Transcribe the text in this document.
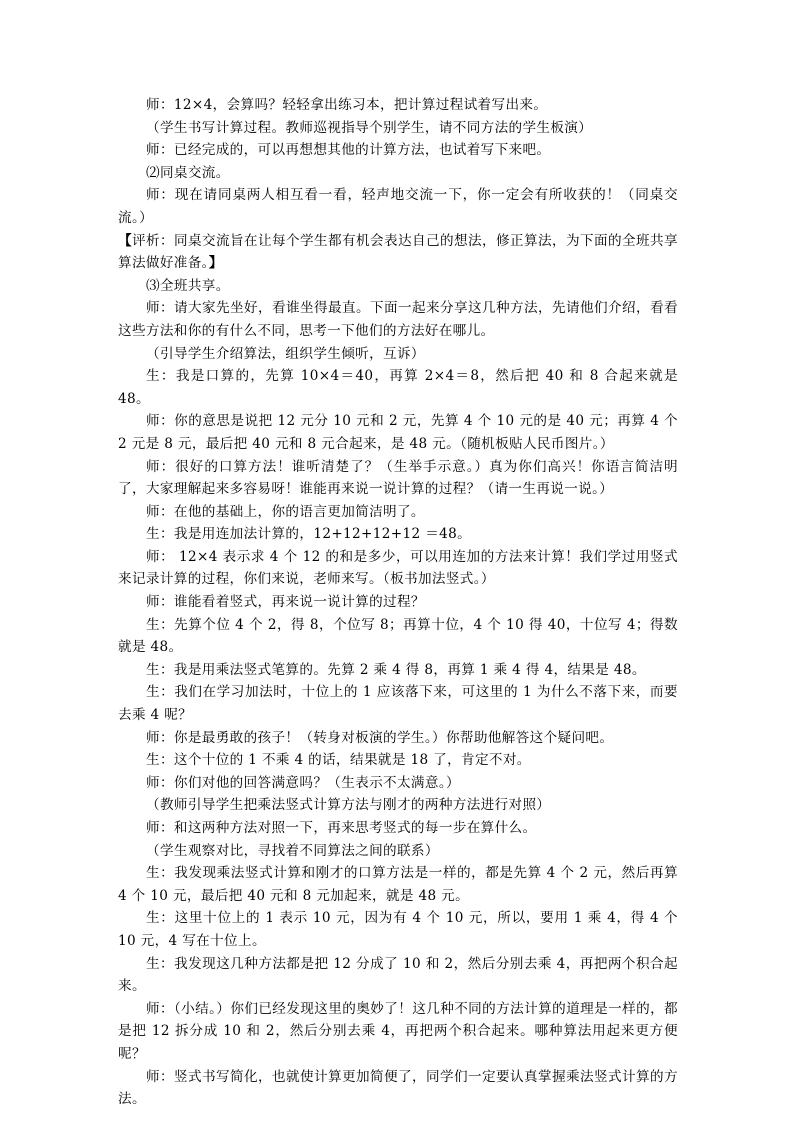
师：12×4，会算吗？轻轻拿出练习本，把计算过程试着写出来。

（学生书写计算过程。教师巡视指导个别学生，请不同方法的学生板演）

师：已经完成的，可以再想想其他的计算方法，也试着写下来吧。

⑵同桌交流。

师：现在请同桌两人相互看一看，轻声地交流一下，你一定会有所收获的！（同桌交流。）

【评析：同桌交流旨在让每个学生都有机会表达自己的想法，修正算法，为下面的全班共享算法做好准备。】

⑶全班共享。

师：请大家先坐好，看谁坐得最直。下面一起来分享这几种方法，先请他们介绍，看看这些方法和你的有什么不同，思考一下他们的方法好在哪儿。

（引导学生介绍算法，组织学生倾听，互诉）

生：我是口算的，先算 10×4＝40，再算 2×4＝8，然后把 40 和 8 合起来就是 48。

师：你的意思是说把 12 元分 10 元和 2 元，先算 4 个 10 元的是 40 元；再算 4 个 2 元是 8 元，最后把 40 元和 8 元合起来，是 48 元。（随机板贴人民币图片。）

师：很好的口算方法！谁听清楚了？（生举手示意。）真为你们高兴！你语言简洁明了，大家理解起来多容易呀！谁能再来说一说计算的过程？（请一生再说一说。）

师：在他的基础上，你的语言更加简洁明了。

生：我是用连加法计算的，12+12+12+12 ＝48。

师： 12×4 表示求 4 个 12 的和是多少，可以用连加的方法来计算！我们学过用竖式来记录计算的过程，你们来说，老师来写。（板书加法竖式。）

师：谁能看着竖式，再来说一说计算的过程？

生：先算个位 4 个 2，得 8，个位写 8；再算十位，4 个 10 得 40，十位写 4；得数就是 48。

生：我是用乘法竖式笔算的。先算 2 乘 4 得 8，再算 1 乘 4 得 4，结果是 48。

生：我们在学习加法时，十位上的 1 应该落下来，可这里的 1 为什么不落下来，而要去乘 4 呢？

师：你是最勇敢的孩子！（转身对板演的学生。）你帮助他解答这个疑问吧。

生：这个十位的 1 不乘 4 的话，结果就是 18 了，肯定不对。

师：你们对他的回答满意吗？（生表示不太满意。）

（教师引导学生把乘法竖式计算方法与刚才的两种方法进行对照）

师：和这两种方法对照一下，再来思考竖式的每一步在算什么。

（学生观察对比，寻找着不同算法之间的联系）

生：我发现乘法竖式计算和刚才的口算方法是一样的，都是先算 4 个 2 元，然后再算 4 个 10 元，最后把 40 元和 8 元加起来，就是 48 元。

生：这里十位上的 1 表示 10 元，因为有 4 个 10 元，所以，要用 1 乘 4，得 4 个 10 元，4 写在十位上。

生：我发现这几种方法都是把 12 分成了 10 和 2，然后分别去乘 4，再把两个积合起来。

师：（小结。）你们已经发现这里的奥妙了！这几种不同的方法计算的道理是一样的，都是把 12 拆分成 10 和 2，然后分别去乘 4，再把两个积合起来。哪种算法用起来更方便呢？

师：竖式书写简化，也就使计算更加简便了，同学们一定要认真掌握乘法竖式计算的方法。
